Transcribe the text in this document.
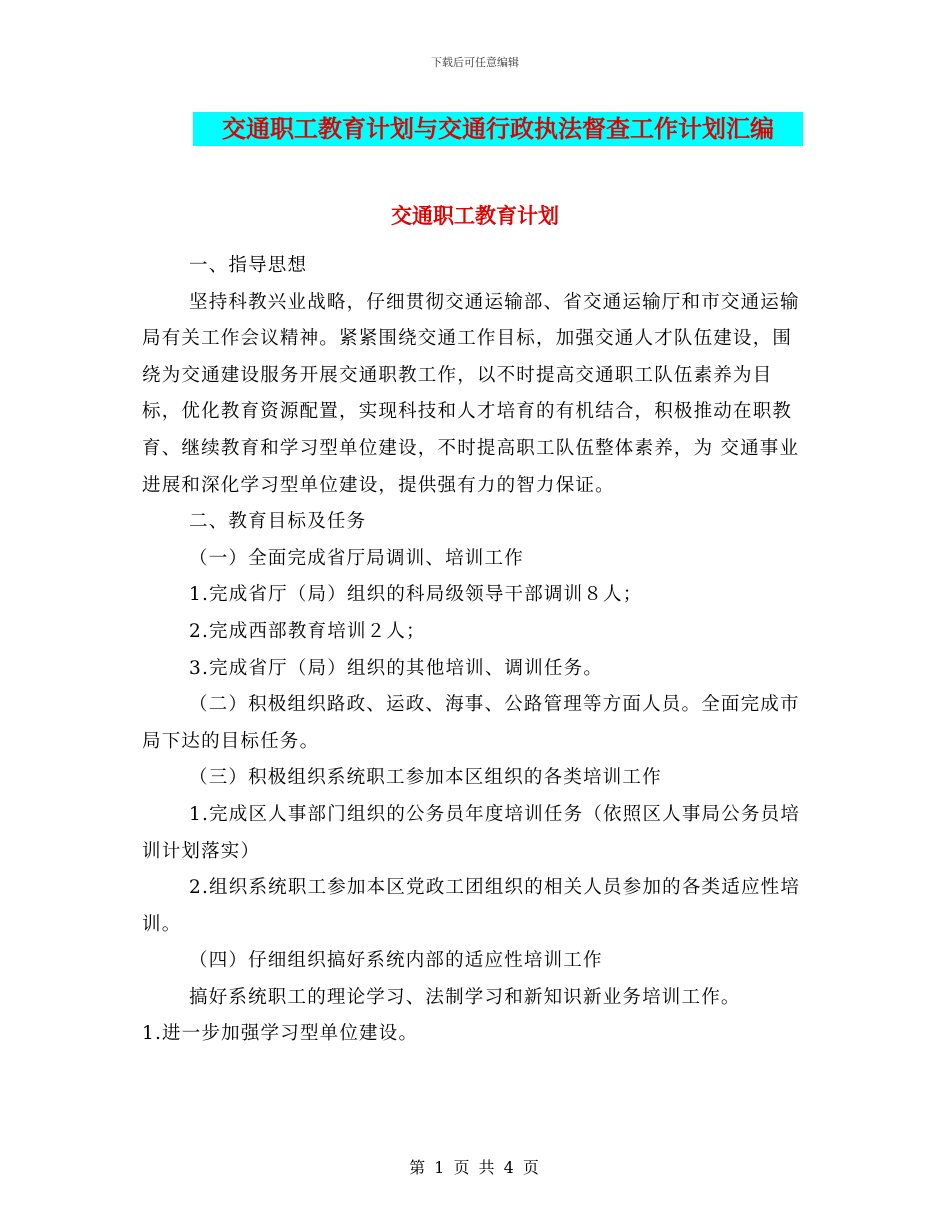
下载后可任意编辑
交通职工教育计划与交通行政执法督查工作计划汇编
交通职工教育计划

一、指导思想

坚持科教兴业战略，仔细贯彻交通运输部、省交通运输厅和市交通运输局有关工作会议精神。紧紧围绕交通工作目标，加强交通人才队伍建设，围绕为交通建设服务开展交通职教工作，以不时提高交通职工队伍素养为目标，优化教育资源配置，实现科技和人才培育的有机结合，积极推动在职教育、继续教育和学习型单位建设，不时提高职工队伍整体素养，为 交通事业进展和深化学习型单位建设，提供强有力的智力保证。

二、教育目标及任务

（一）全面完成省厅局调训、培训工作

1.完成省厅（局）组织的科局级领导干部调训８人；

2.完成西部教育培训２人；

3.完成省厅（局）组织的其他培训、调训任务。

（二）积极组织路政、运政、海事、公路管理等方面人员。全面完成市局下达的目标任务。

（三）积极组织系统职工参加本区组织的各类培训工作

1.完成区人事部门组织的公务员年度培训任务（依照区人事局公务员培训计划落实）

2.组织系统职工参加本区党政工团组织的相关人员参加的各类适应性培训。

（四）仔细组织搞好系统内部的适应性培训工作

搞好系统职工的理论学习、法制学习和新知识新业务培训工作。

1.进一步加强学习型单位建设。

第 1 页 共 4 页
